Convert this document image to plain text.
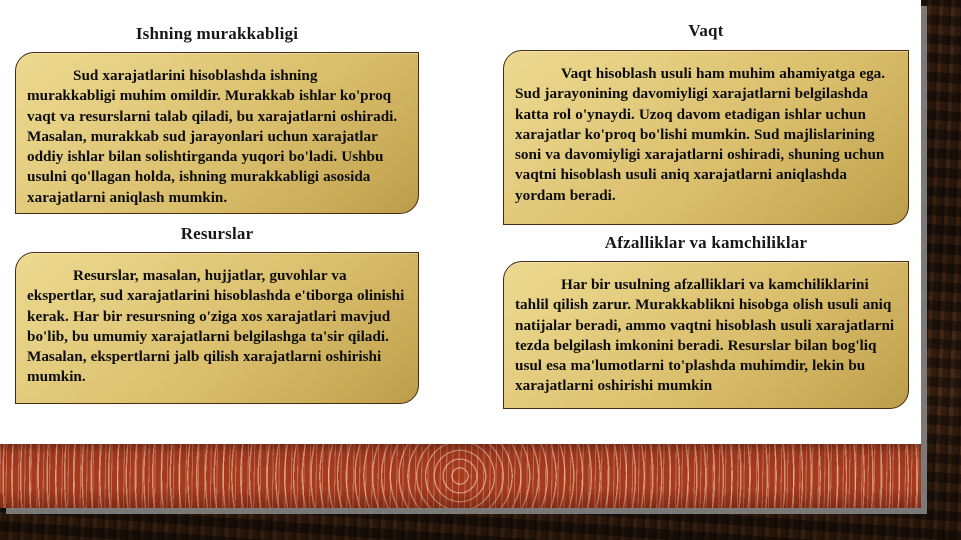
Ishning murakkabligi

Sud xarajatlarini hisoblashda ishning murakkabligi muhim omildir. Murakkab ishlar ko'proq vaqt va resurslarni talab qiladi, bu xarajatlarni oshiradi. Masalan, murakkab sud jarayonlari uchun xarajatlar oddiy ishlar bilan solishtirganda yuqori bo'ladi. Ushbu usulni qo'llagan holda, ishning murakkabligi asosida xarajatlarni aniqlash mumkin.

Resurslar

Resurslar, masalan, hujjatlar, guvohlar va ekspertlar, sud xarajatlarini hisoblashda e'tiborga olinishi kerak. Har bir resursning o'ziga xos xarajatlari mavjud bo'lib, bu umumiy xarajatlarni belgilashga ta'sir qiladi. Masalan, ekspertlarni jalb qilish xarajatlarni oshirishi mumkin.

Vaqt

Vaqt hisoblash usuli ham muhim ahamiyatga ega. Sud jarayonining davomiyligi xarajatlarni belgilashda katta rol o'ynaydi. Uzoq davom etadigan ishlar uchun xarajatlar ko'proq bo'lishi mumkin. Sud majlislarining soni va davomiyligi xarajatlarni oshiradi, shuning uchun vaqtni hisoblash usuli aniq xarajatlarni aniqlashda yordam beradi.

Afzalliklar va kamchiliklar

Har bir usulning afzalliklari va kamchiliklarini tahlil qilish zarur. Murakkablikni hisobga olish usuli aniq natijalar beradi, ammo vaqtni hisoblash usuli xarajatlarni tezda belgilash imkonini beradi. Resurslar bilan bog'liq usul esa ma'lumotlarni to'plashda muhimdir, lekin bu xarajatlarni oshirishi mumkin
